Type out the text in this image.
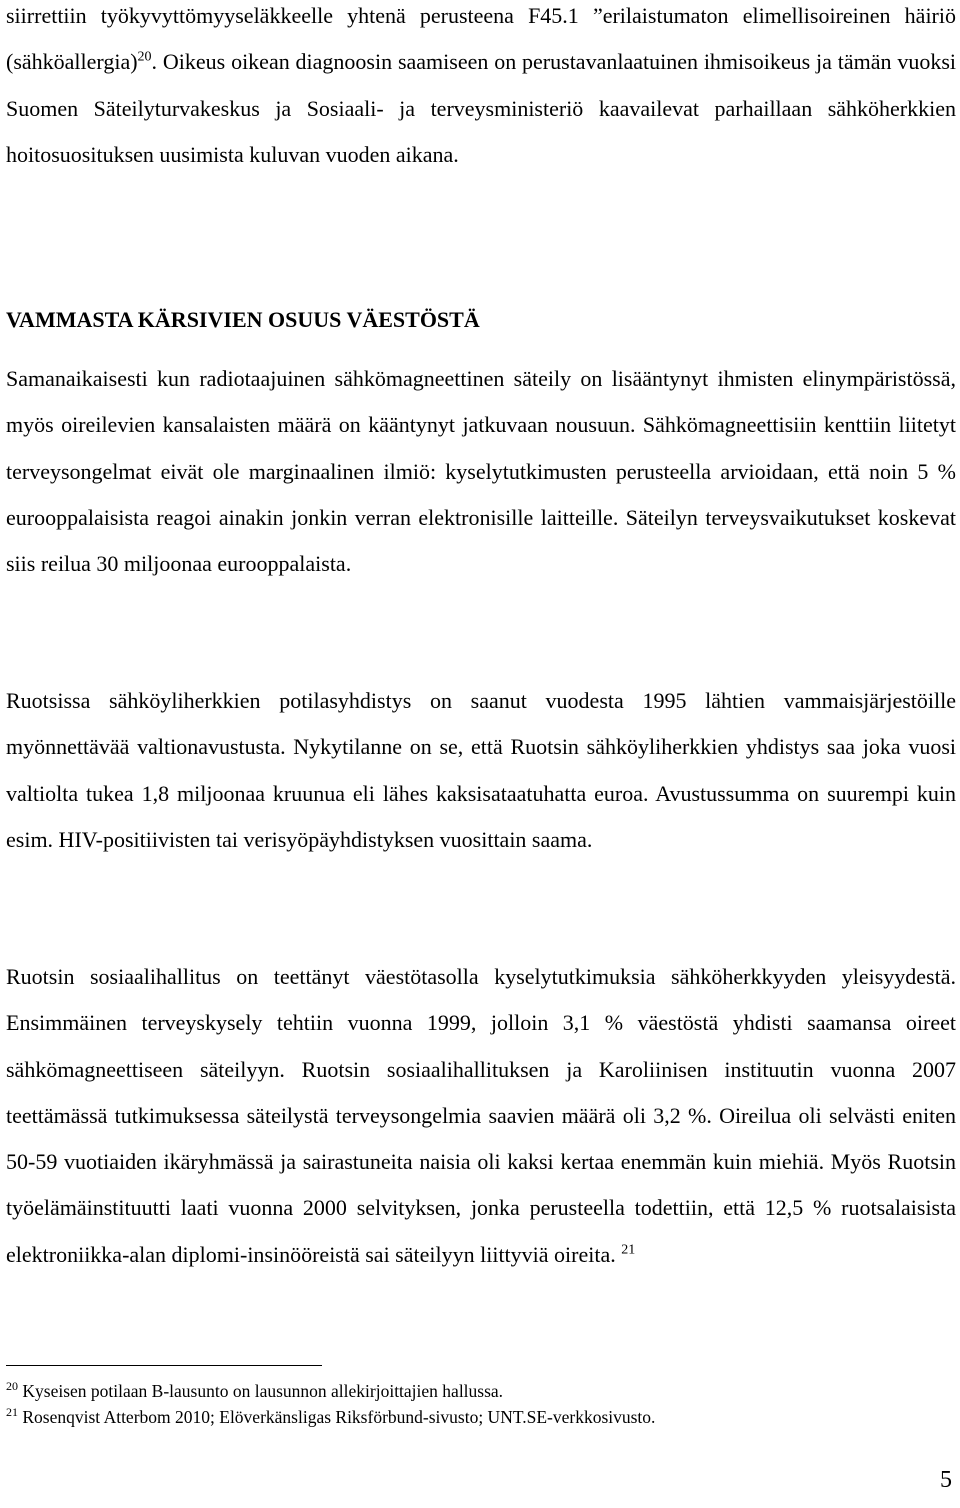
siirrettiin työkyvyttömyyseläkkeelle yhtenä perusteena F45.1 ”erilaistumaton elimellisoireinen häiriö (sähköallergia)$^{20}$. Oikeus oikean diagnoosin saamiseen on perustavanlaatuinen ihmisoikeus ja tämän vuoksi Suomen Säteilyturvakeskus ja Sosiaali- ja terveysministeriö kaavailevat parhaillaan sähköherkkien hoitosuosituksen uusimista kuluvan vuoden aikana.

VAMMASTA KÄRSIVIEN OSUUS VÄESTÖSTÄ

Samanaikaisesti kun radiotaajuinen sähkömagneettinen säteily on lisääntynyt ihmisten elinympäristössä, myös oireilevien kansalaisten määrä on kääntynyt jatkuvaan nousuun. Sähkömagneettisiin kenttiin liitetyt terveysongelmat eivät ole marginaalinen ilmiö: kyselytutkimusten perusteella arvioidaan, että noin 5 % eurooppalaisista reagoi ainakin jonkin verran elektronisille laitteille. Säteilyn terveysvaikutukset koskevat siis reilua 30 miljoonaa eurooppalaista.

Ruotsissa sähköyliherkkien potilasyhdistys on saanut vuodesta 1995 lähtien vammaisjärjestöille myönnettävää valtionavustusta. Nykytilanne on se, että Ruotsin sähköyliherkkien yhdistys saa joka vuosi valtiolta tukea 1,8 miljoonaa kruunua eli lähes kaksisataatuhatta euroa. Avustussumma on suurempi kuin esim. HIV-positiivisten tai verisyöpäyhdistyksen vuosittain saama.

Ruotsin sosiaalihallitus on teettänyt väestötasolla kyselytutkimuksia sähköherkkyyden yleisyydestä. Ensimmäinen terveyskysely tehtiin vuonna 1999, jolloin 3,1 % väestöstä yhdisti saamansa oireet sähkömagneettiseen säteilyyn. Ruotsin sosiaalihallituksen ja Karoliinisen instituutin vuonna 2007 teettämässä tutkimuksessa säteilystä terveysongelmia saavien määrä oli 3,2 %. Oireilua oli selvästi eniten 50-59 vuotiaiden ikäryhmässä ja sairastuneita naisia oli kaksi kertaa enemmän kuin miehiä. Myös Ruotsin työelämäinstituutti laati vuonna 2000 selvityksen, jonka perusteella todettiin, että 12,5 % ruotsalaisista elektroniikka-alan diplomi-insinööreistä sai säteilyyn liittyviä oireita. $^{21}$

$^{20}$ Kyseisen potilaan B-lausunto on lausunnon allekirjoittajien hallussa.

$^{21}$ Rosenqvist Atterbom 2010; Elöverkänsligas Riksförbund-sivusto; UNT.SE-verkkosivusto.

5
